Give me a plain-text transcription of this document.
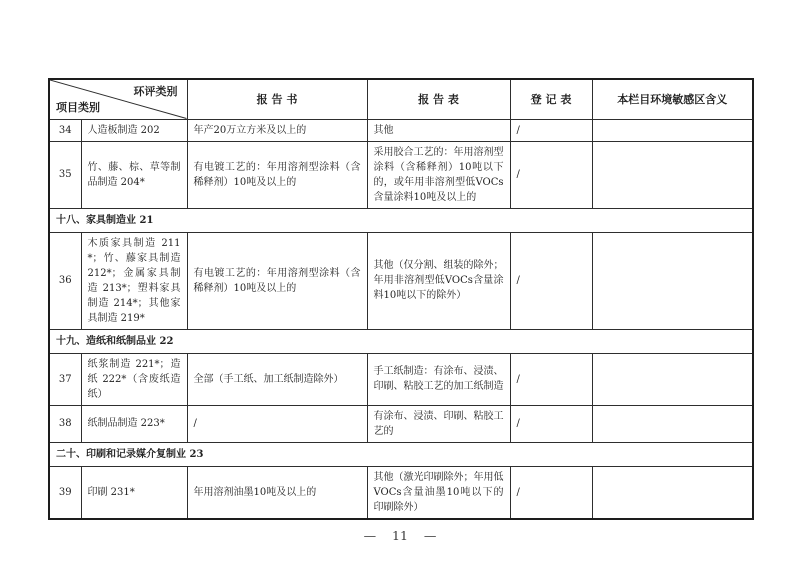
环评类别
项目类别		报 告 书	报 告 表	登 记 表	本栏目环境敏感区含义
34	人造板制造 202	年产20万立方米及以上的	其他	/	
35	竹、藤、棕、草等制品制造 204*	有电镀工艺的：年用溶剂型涂料（含稀释剂）10吨及以上的	采用胶合工艺的：年用溶剂型涂料（含稀释剂）10吨以下的，或年用非溶剂型低VOCs含量涂料10吨及以上的	/	
十八、家具制造业 21					
36	木质家具制造 211*；竹、藤家具制造 212*；金属家具制造 213*；塑料家具制造 214*；其他家具制造 219*	有电镀工艺的：年用溶剂型涂料（含稀释剂）10吨及以上的	其他（仅分割、组装的除外；年用非溶剂型低VOCs含量涂料10吨以下的除外）	/	
十九、造纸和纸制品业 22					
37	纸浆制造 221*；造纸 222*（含废纸造纸）	全部（手工纸、加工纸制造除外）	手工纸制造：有涂布、浸渍、印刷、粘胶工艺的加工纸制造	/	
38	纸制品制造 223*	/	有涂布、浸渍、印刷、粘胶工艺的	/	
二十、印刷和记录媒介复制业 23					
39	印刷 231*	年用溶剂油墨10吨及以上的	其他（激光印刷除外；年用低VOCs含量油墨10吨以下的印刷除外）	/	
— 11 —
